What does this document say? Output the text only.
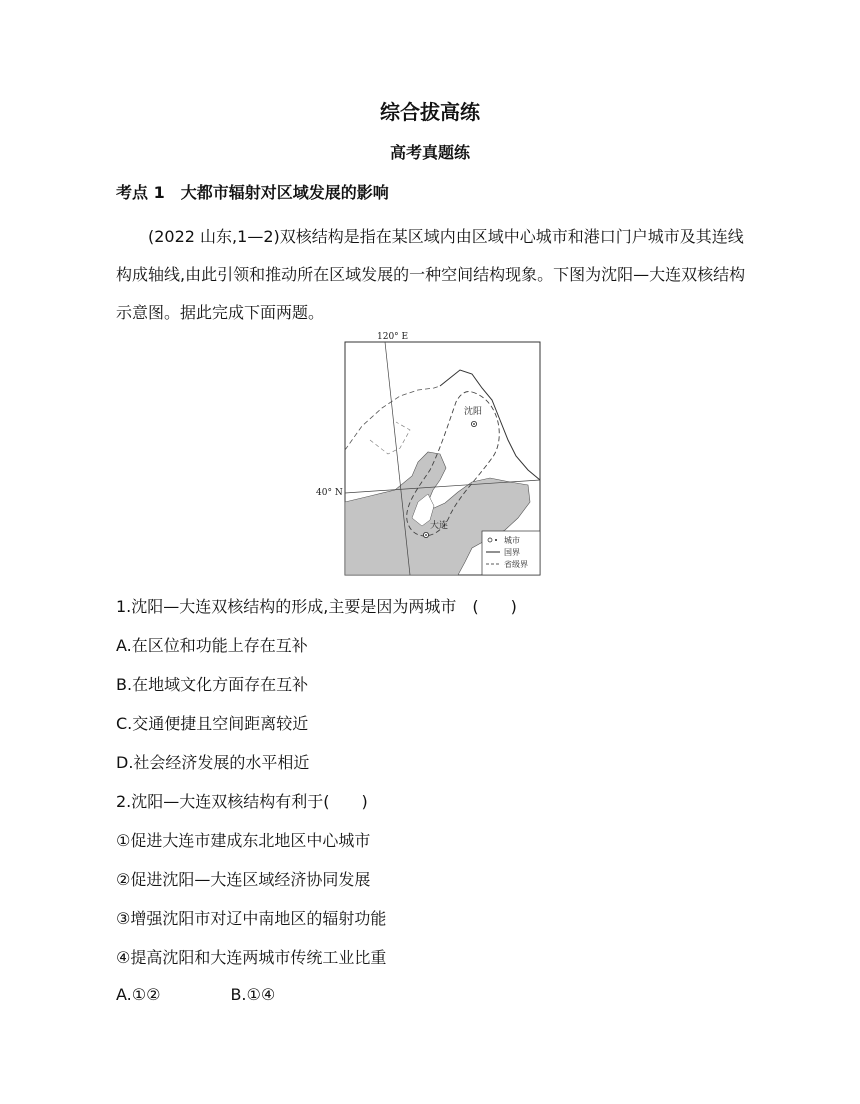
综合拔高练
高考真题练
考点 1　大都市辐射对区域发展的影响

(2022 山东,1—2)双核结构是指在某区域内由区域中心城市和港口门户城市及其连线构成轴线,由此引领和推动所在区域发展的一种空间结构现象。下图为沈阳—大连双核结构示意图。据此完成下面两题。

120° E
40° N
沈阳
大连
城市
国界
省级界
1.沈阳—大连双核结构的形成,主要是因为两城市　(　　)
A.在区位和功能上存在互补
B.在地域文化方面存在互补
C.交通便捷且空间距离较近
D.社会经济发展的水平相近
2.沈阳—大连双核结构有利于(　　)
①促进大连市建成东北地区中心城市
②促进沈阳—大连区域经济协同发展
③增强沈阳市对辽中南地区的辐射功能
④提高沈阳和大连两城市传统工业比重
A.①②	B.①④
